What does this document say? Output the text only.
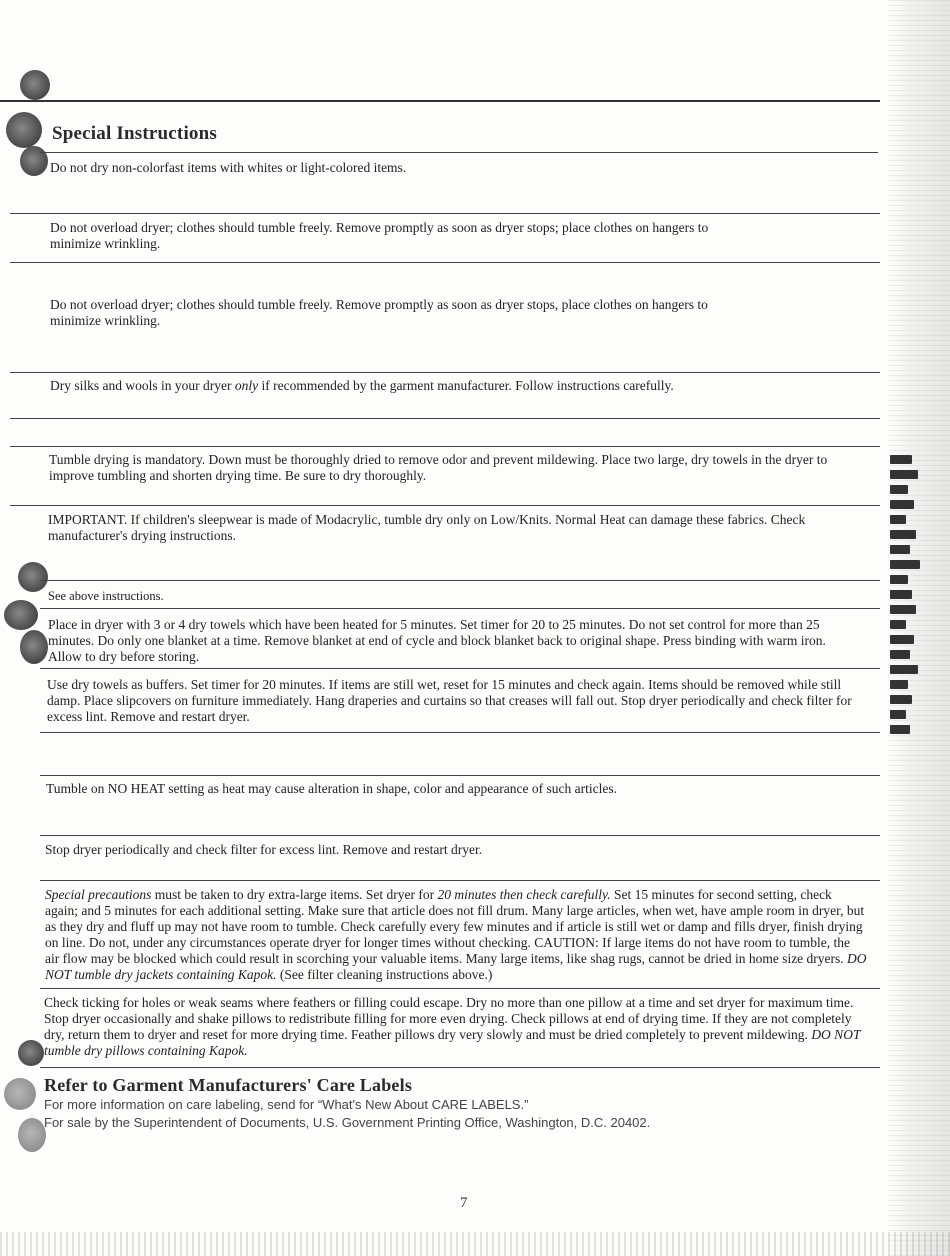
Special Instructions

Do not dry non-colorfast items with whites or light-colored items.

Do not overload dryer; clothes should tumble freely. Remove promptly as soon as dryer stops; place clothes on hangers to minimize wrinkling.

Do not overload dryer; clothes should tumble freely. Remove promptly as soon as dryer stops, place clothes on hangers to minimize wrinkling.

Dry silks and wools in your dryer only if recommended by the garment manufacturer. Follow instructions carefully.

Tumble drying is mandatory. Down must be thoroughly dried to remove odor and prevent mildewing. Place two large, dry towels in the dryer to improve tumbling and shorten drying time. Be sure to dry thoroughly.

IMPORTANT. If children's sleepwear is made of Modacrylic, tumble dry only on Low/Knits. Normal Heat can damage these fabrics. Check manufacturer's drying instructions.

See above instructions.

Place in dryer with 3 or 4 dry towels which have been heated for 5 minutes. Set timer for 20 to 25 minutes. Do not set control for more than 25 minutes. Do only one blanket at a time. Remove blanket at end of cycle and block blanket back to original shape. Press binding with warm iron. Allow to dry before storing.

Use dry towels as buffers. Set timer for 20 minutes. If items are still wet, reset for 15 minutes and check again. Items should be removed while still damp. Place slipcovers on furniture immediately. Hang draperies and curtains so that creases will fall out. Stop dryer periodically and check filter for excess lint. Remove and restart dryer.

Tumble on NO HEAT setting as heat may cause alteration in shape, color and appearance of such articles.

Stop dryer periodically and check filter for excess lint. Remove and restart dryer.

Special precautions must be taken to dry extra-large items. Set dryer for 20 minutes then check carefully. Set 15 minutes for second setting, check again; and 5 minutes for each additional setting. Make sure that article does not fill drum. Many large articles, when wet, have ample room in dryer, but as they dry and fluff up may not have room to tumble. Check carefully every few minutes and if article is still wet or damp and fills dryer, finish drying on line. Do not, under any circumstances operate dryer for longer times without checking. CAUTION: If large items do not have room to tumble, the air flow may be blocked which could result in scorching your valuable items. Many large items, like shag rugs, cannot be dried in home size dryers. DO NOT tumble dry jackets containing Kapok. (See filter cleaning instructions above.)

Check ticking for holes or weak seams where feathers or filling could escape. Dry no more than one pillow at a time and set dryer for maximum time. Stop dryer occasionally and shake pillows to redistribute filling for more even drying. Check pillows at end of drying time. If they are not completely dry, return them to dryer and reset for more drying time. Feather pillows dry very slowly and must be dried completely to prevent mildewing. DO NOT tumble dry pillows containing Kapok.

Refer to Garment Manufacturers' Care Labels

For more information on care labeling, send for “What's New About CARE LABELS.”

For sale by the Superintendent of Documents, U.S. Government Printing Office, Washington, D.C. 20402.

7
